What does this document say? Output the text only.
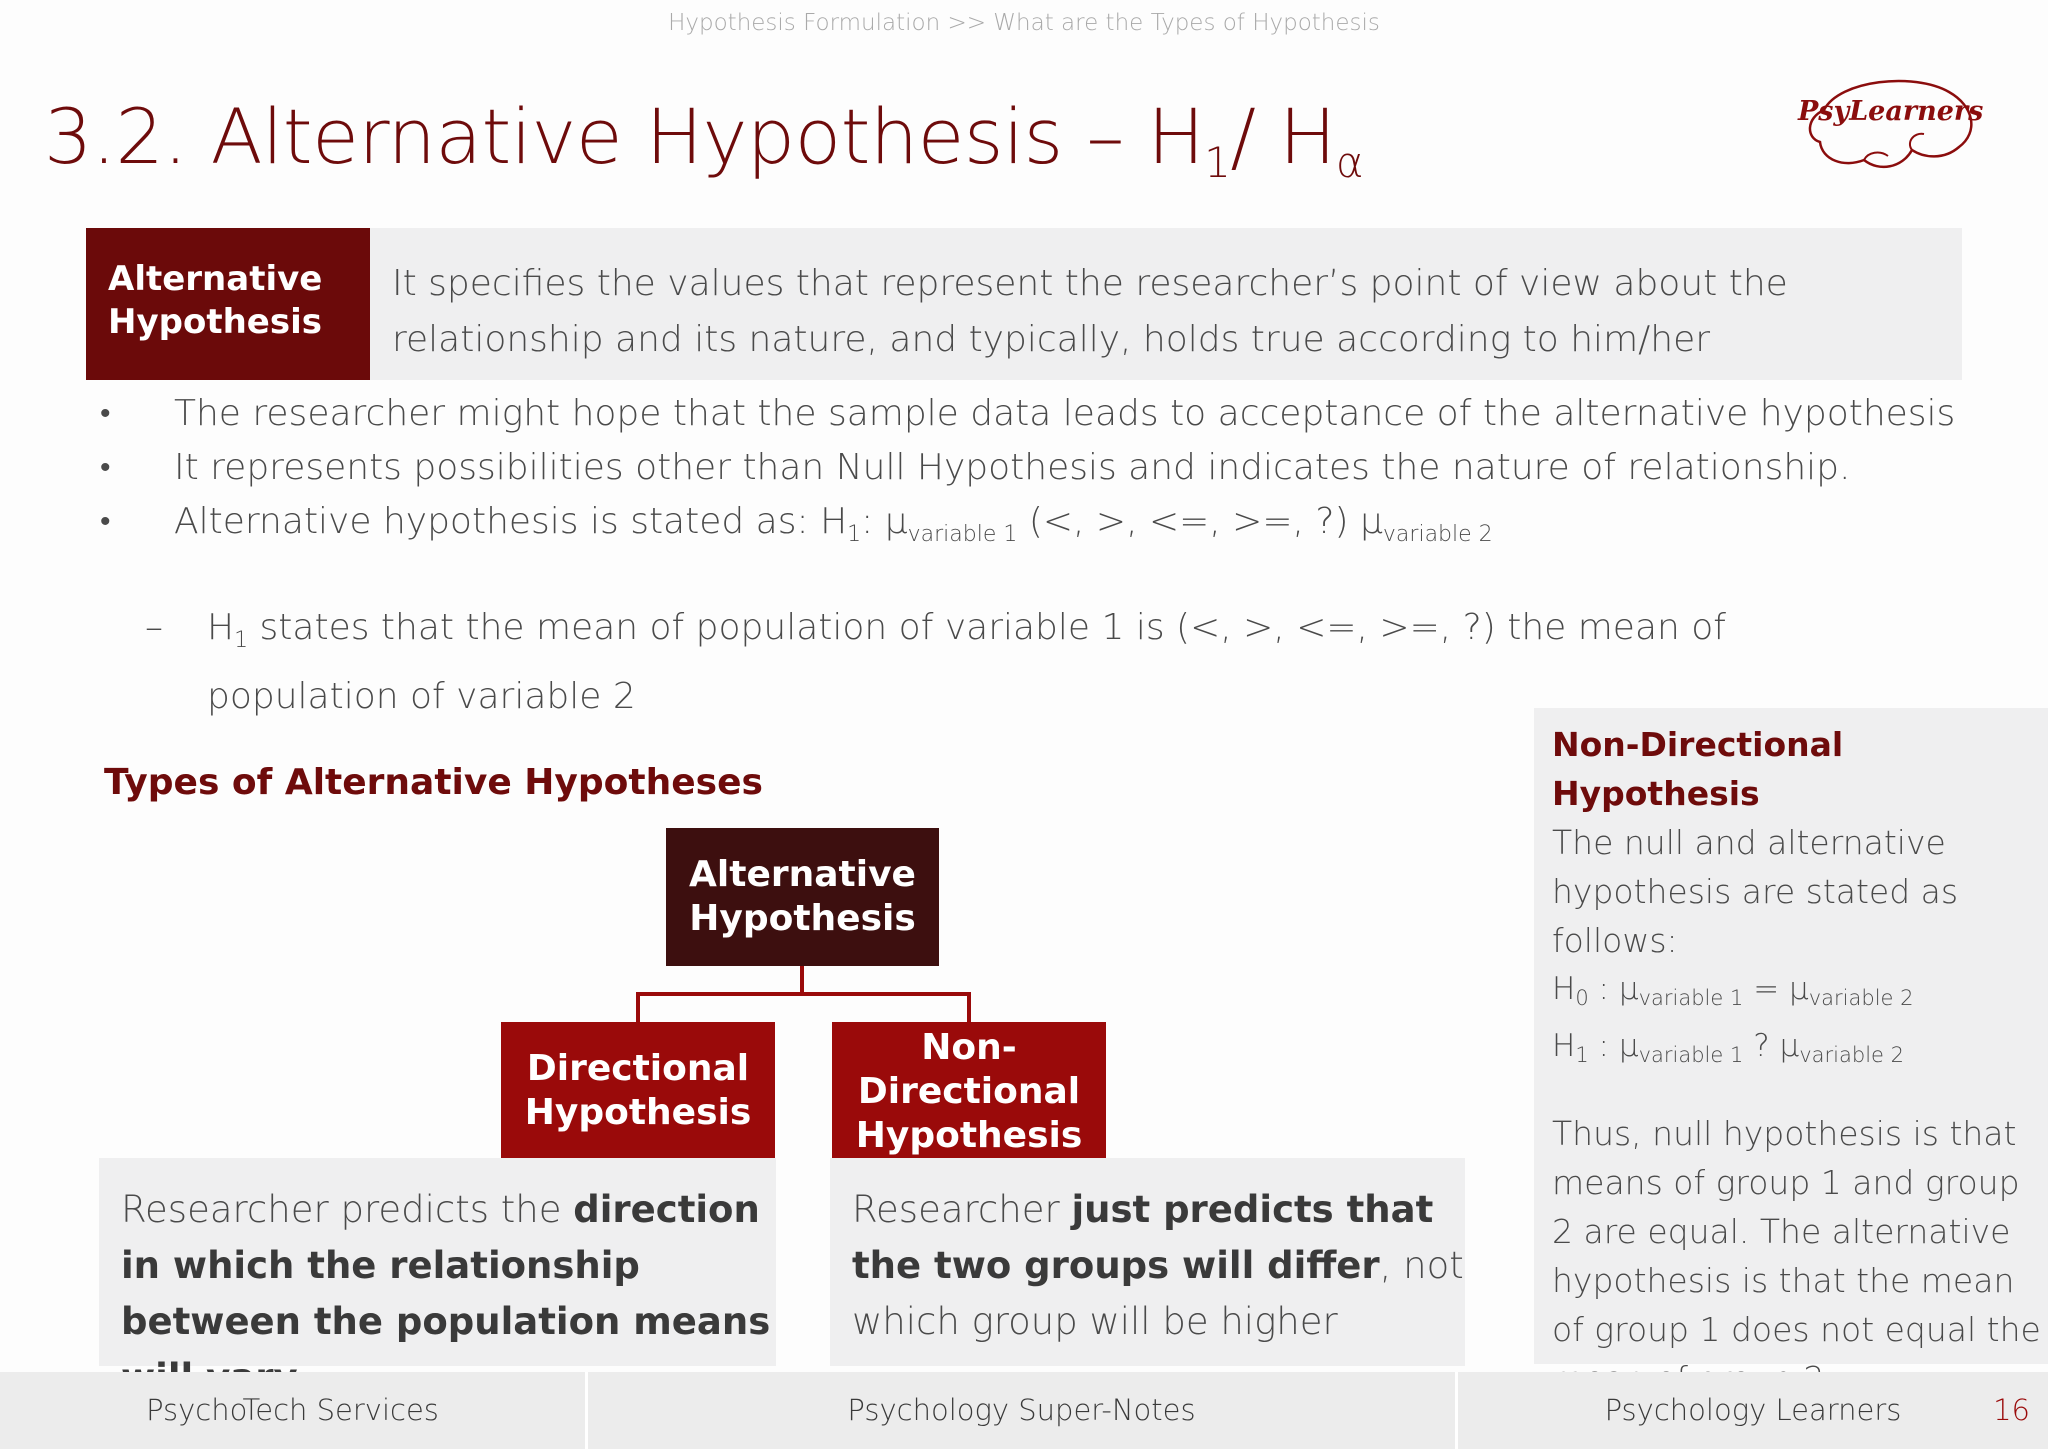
Hypothesis Formulation >> What are the Types of Hypothesis
3.2. Alternative Hypothesis – $H_1/$ $H_\alpha$
PsyLearners
Alternative Hypothesis
It specifies the values that represent the researcher’s point of view about the relationship and its nature, and typically, holds true according to him/her
• The researcher might hope that the sample data leads to acceptance of the alternative hypothesis
• It represents possibilities other than Null Hypothesis and indicates the nature of relationship.
• Alternative hypothesis is stated as: $H_1$: $\mu_{variable 1}$ (<, >, <=, >=, ?) $\mu_{variable 2}$
– $H_1$ states that the mean of population of variable 1 is (<, >, <=, >=, ?) the mean of population of variable 2
Types of Alternative Hypotheses
Alternative Hypothesis
Directional Hypothesis
Non-Directional Hypothesis
Researcher predicts the direction in which the relationship between the population means
Researcher just predicts that the two groups will differ, not which group will be higher
Non-Directional Hypothesis
The null and alternative hypothesis are stated as follows:
$H_0$ : $\mu_{variable 1} = \mu_{variable 2}$
$H_1$ : $\mu_{variable 1}$ ? $\mu_{variable 2}$
Thus, null hypothesis is that means of group 1 and group 2 are equal. The alternative hypothesis is that the mean of group 1 does not equal the
PsychoTech Services	Psychology Super-Notes	Psychology Learners	16
